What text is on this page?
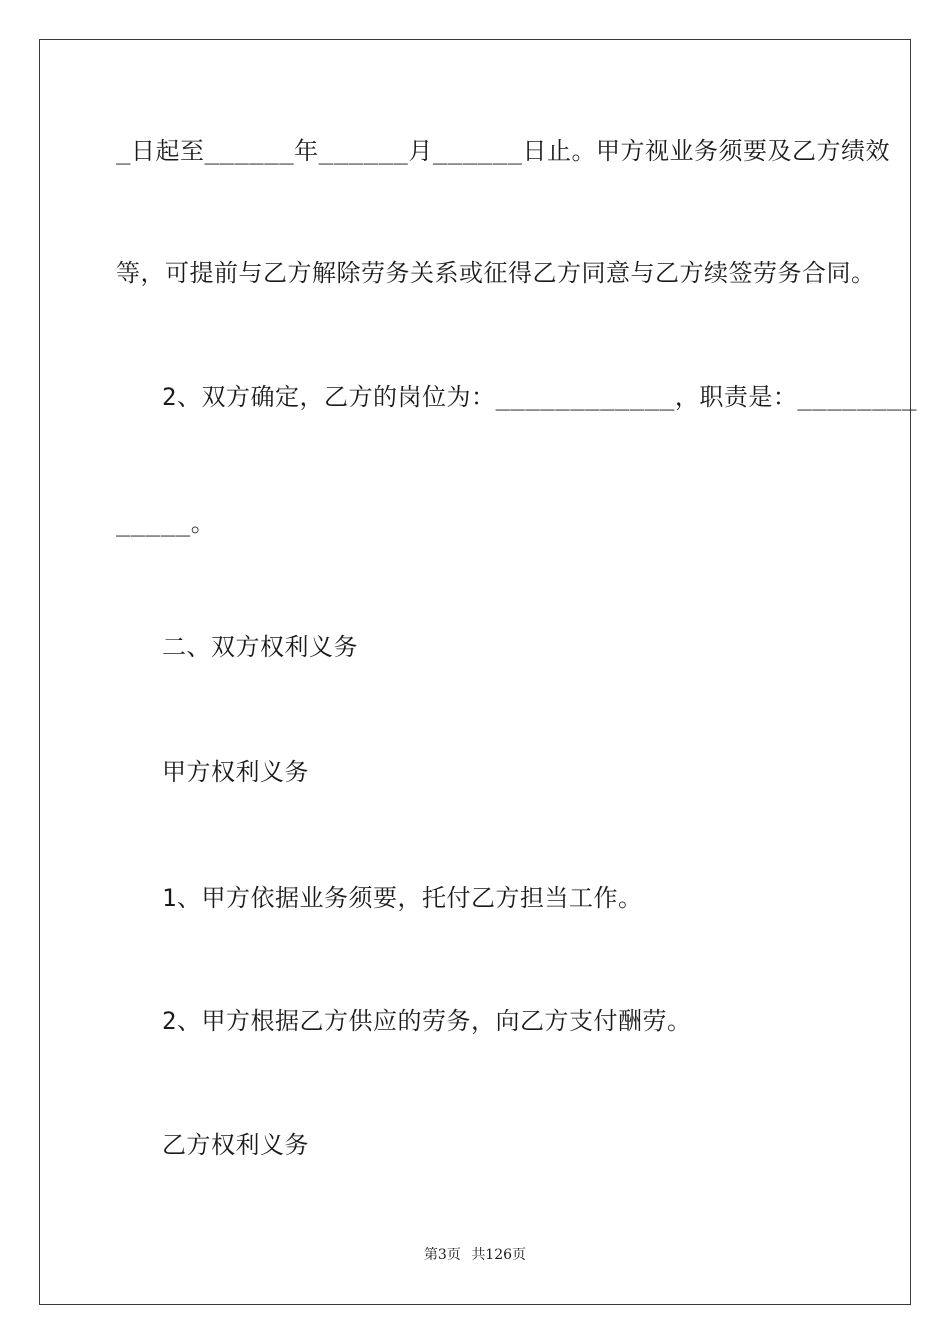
_日起至______年______月______日止。甲方视业务须要及乙方绩效
等，可提前与乙方解除劳务关系或征得乙方同意与乙方续签劳务合同。
2、双方确定，乙方的岗位为：____________，职责是：________
_____。
二、双方权利义务
甲方权利义务
1、甲方依据业务须要，托付乙方担当工作。
2、甲方根据乙方供应的劳务，向乙方支付酬劳。
乙方权利义务
第3页 共126页
